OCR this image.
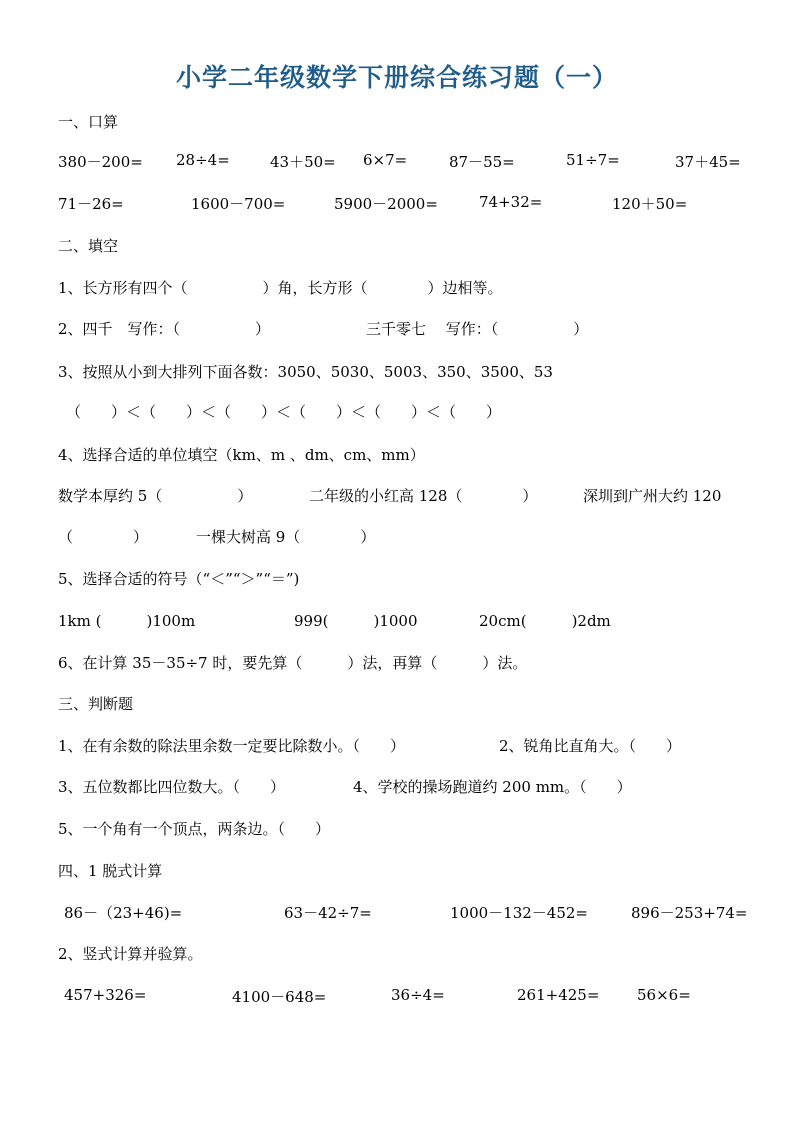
小学二年级数学下册综合练习题（一）
一、口算
380－200= 28÷4=	43＋50= 6×7=	87－55=	51÷7=	37＋45=
71－26=	1600－700=	5900－2000=	74+32=	120＋50=
二、填空
1、长方形有四个（　　　　　）角，长方形（　　　　）边相等。
2、四千　写作：（　　　　　）	三千零七　 写作：（　　　　　）
3、按照从小到大排列下面各数：3050、5030、5003、350、3500、53
（　　）＜（　　）＜（　　）＜（　　）＜（　　）＜（　　）
4、选择合适的单位填空（km、m 、dm、cm、mm）
数学本厚约 5（　　　　　）	二年级的小红高 128（　　　　）	深圳到广州大约 120
（　　　　）	一棵大树高 9（　　　　）
5、选择合适的符号（“＜”“＞”“＝”)
1km (　　　)100m	999(　　　)1000	20cm(　　　)2dm
6、在计算 35－35÷7 时，要先算（　　　）法，再算（　　　）法。
三、判断题
1、在有余数的除法里余数一定要比除数小。（　　）	2、锐角比直角大。（　　）
3、五位数都比四位数大。（　　）	4、学校的操场跑道约 200 mm。（　　）
5、一个角有一个顶点，两条边。（　　）
四、1 脱式计算
86－（23+46)=	63－42÷7=	1000－132－452=	896－253+74=
2、竖式计算并验算。
457+326=	4100－648=	36÷4=	261+425=	56×6=
